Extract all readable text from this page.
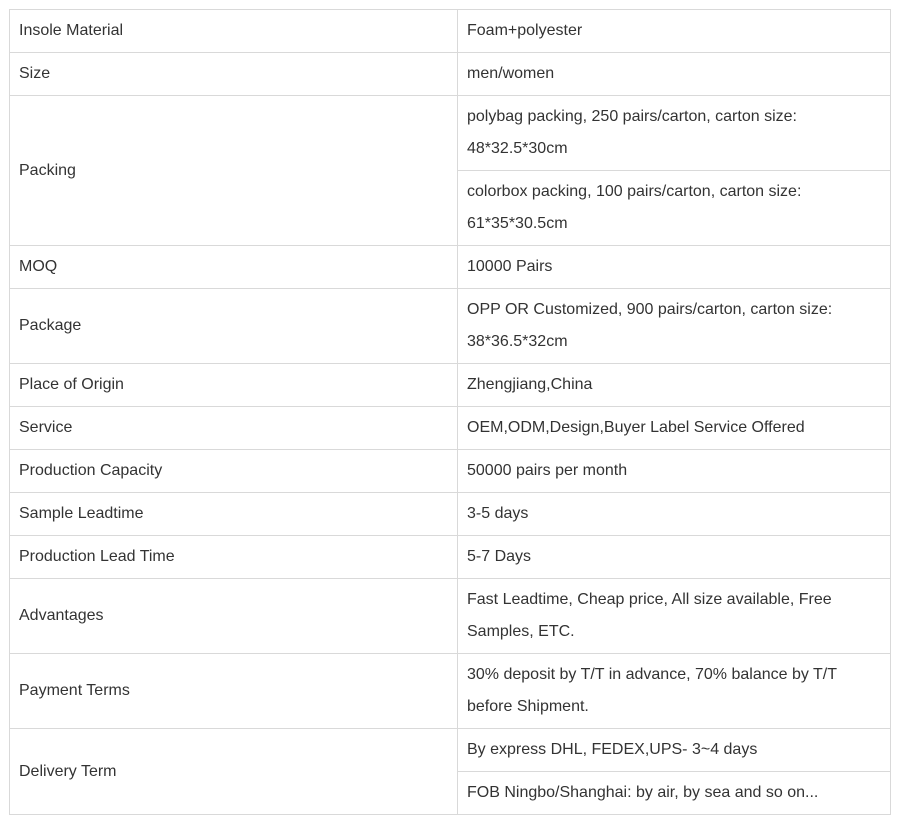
Insole Material	Foam+polyester
Size	men/women
Packing	polybag packing, 250 pairs/carton, carton size: 48*32.5*30cm
	colorbox packing, 100 pairs/carton, carton size: 61*35*30.5cm
MOQ	10000 Pairs
Package	OPP OR Customized, 900 pairs/carton, carton size: 38*36.5*32cm
Place of Origin	Zhengjiang,China
Service	OEM,ODM,Design,Buyer Label Service Offered
Production Capacity	50000 pairs per month
Sample Leadtime	3-5 days
Production Lead Time	5-7 Days
Advantages	Fast Leadtime, Cheap price, All size available, Free Samples, ETC.
Payment Terms	30% deposit by T/T in advance, 70% balance by T/T before Shipment.
Delivery Term	By express DHL, FEDEX,UPS- 3~4 days
	FOB Ningbo/Shanghai: by air, by sea and so on...
